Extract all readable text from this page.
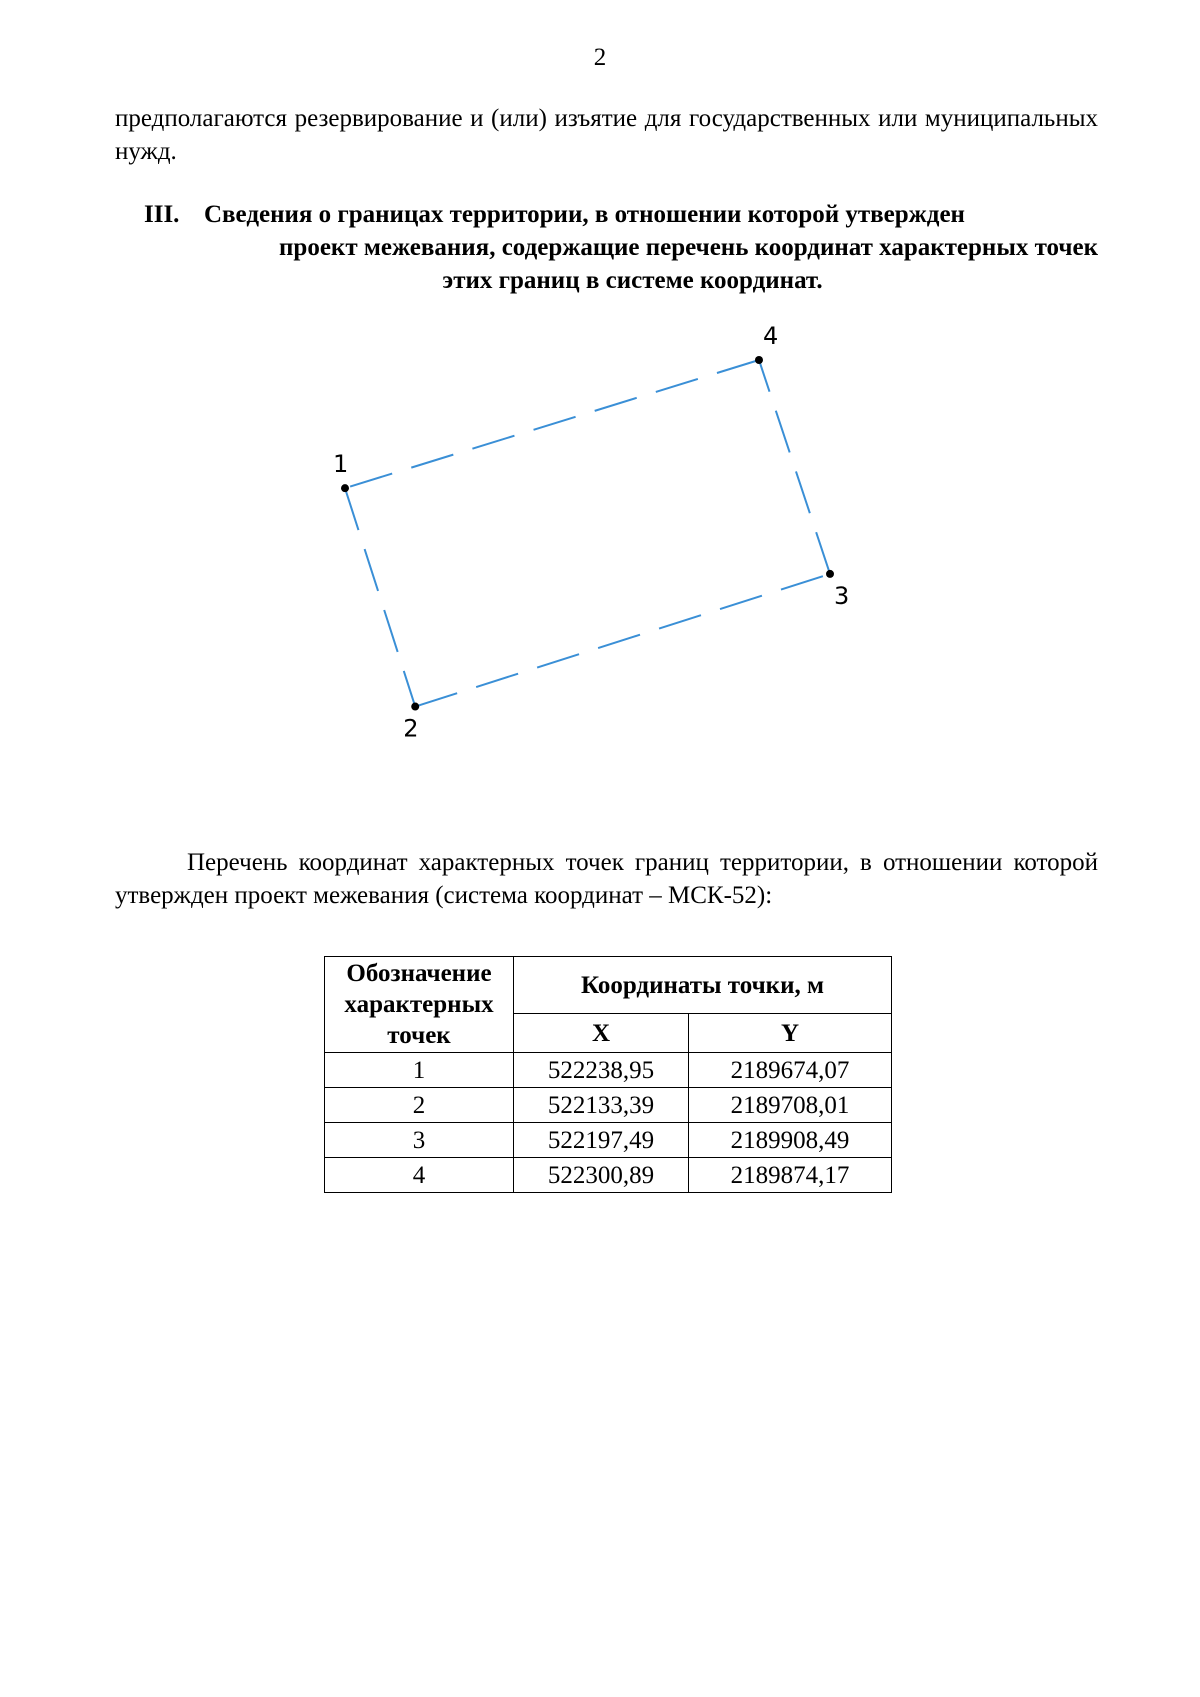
2

предполагаются резервирование и (или) изъятие для государственных или муниципальных нужд.

III. Сведения о границах территории, в отношении которой утвержден
проект межевания, содержащие перечень координат характерных точек
этих границ в системе координат.
1
2
3
4

Перечень координат характерных точек границ территории, в отношении которой утвержден проект межевания (система координат – МСК-52):

Обозначение характерных точек	Координаты точки, м	
	X	Y
1	522238,95	2189674,07
2	522133,39	2189708,01
3	522197,49	2189908,49
4	522300,89	2189874,17
